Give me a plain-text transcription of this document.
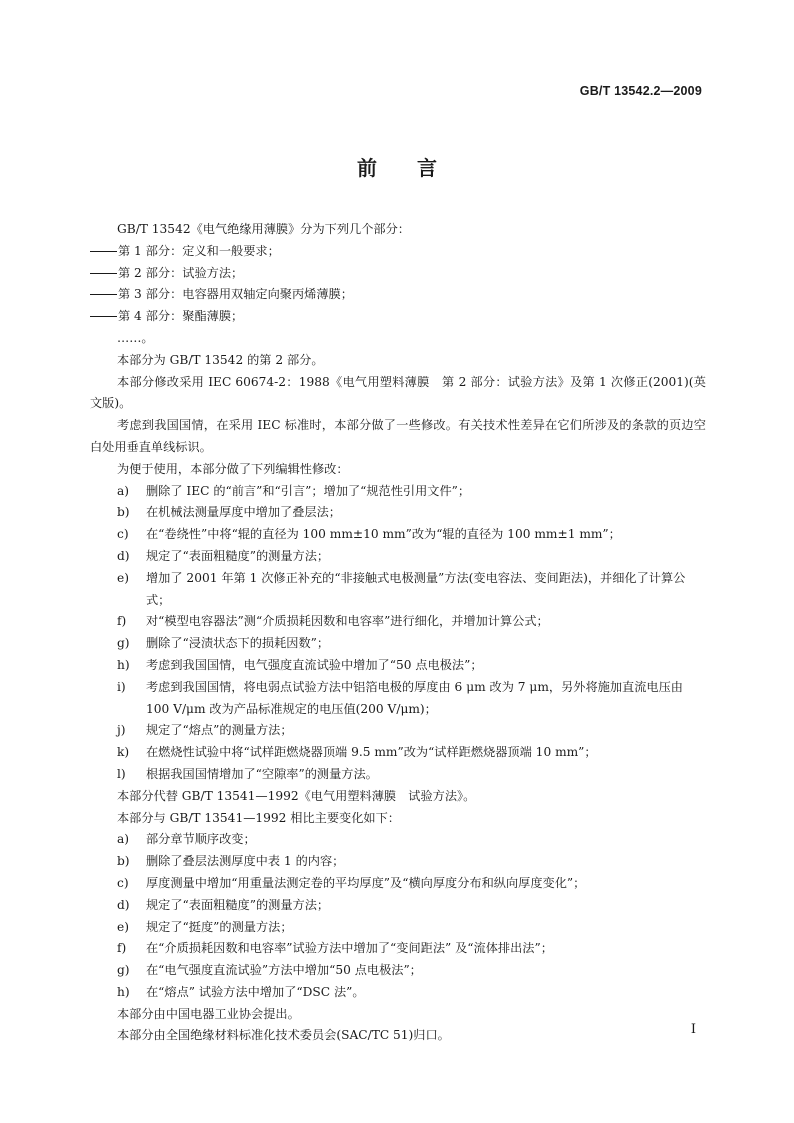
GB/T 13542.2—2009
前 言
GB/T 13542《电气绝缘用薄膜》分为下列几个部分：
第 1 部分：定义和一般要求；
第 2 部分：试验方法；
第 3 部分：电容器用双轴定向聚丙烯薄膜；
第 4 部分：聚酯薄膜；
……。
本部分为 GB/T 13542 的第 2 部分。
本部分修改采用 IEC 60674-2：1988《电气用塑料薄膜　第 2 部分：试验方法》及第 1 次修正(2001)(英文版)。
考虑到我国国情，在采用 IEC 标准时，本部分做了一些修改。有关技术性差异在它们所涉及的条款的页边空白处用垂直单线标识。
为便于使用，本部分做了下列编辑性修改：
a) 删除了 IEC 的“前言”和“引言”；增加了“规范性引用文件”；
b) 在机械法测量厚度中增加了叠层法；
c) 在“卷绕性”中将“辊的直径为 100 mm±10 mm”改为“辊的直径为 100 mm±1 mm”；
d) 规定了“表面粗糙度”的测量方法；
e) 增加了 2001 年第 1 次修正补充的“非接触式电极测量”方法(变电容法、变间距法)，并细化了计算公式；
f) 对“模型电容器法”测“介质损耗因数和电容率”进行细化，并增加计算公式；
g) 删除了“浸渍状态下的损耗因数”；
h) 考虑到我国国情，电气强度直流试验中增加了“50 点电极法”；
i) 考虑到我国国情，将电弱点试验方法中铝箔电极的厚度由 6 μm 改为 7 μm，另外将施加直流电压由 100 V/μm 改为产品标准规定的电压值(200 V/μm)；
j) 规定了“熔点”的测量方法；
k) 在燃烧性试验中将“试样距燃烧器顶端 9.5 mm”改为“试样距燃烧器顶端 10 mm”；
l) 根据我国国情增加了“空隙率”的测量方法。
本部分代替 GB/T 13541—1992《电气用塑料薄膜　试验方法》。
本部分与 GB/T 13541—1992 相比主要变化如下：
a) 部分章节顺序改变；
b) 删除了叠层法测厚度中表 1 的内容；
c) 厚度测量中增加“用重量法测定卷的平均厚度”及“横向厚度分布和纵向厚度变化”；
d) 规定了“表面粗糙度”的测量方法；
e) 规定了“挺度”的测量方法；
f) 在“介质损耗因数和电容率”试验方法中增加了“变间距法” 及“流体排出法”；
g) 在“电气强度直流试验”方法中增加“50 点电极法”；
h) 在“熔点” 试验方法中增加了“DSC 法”。
本部分由中国电器工业协会提出。
本部分由全国绝缘材料标准化技术委员会(SAC/TC 51)归口。	I
